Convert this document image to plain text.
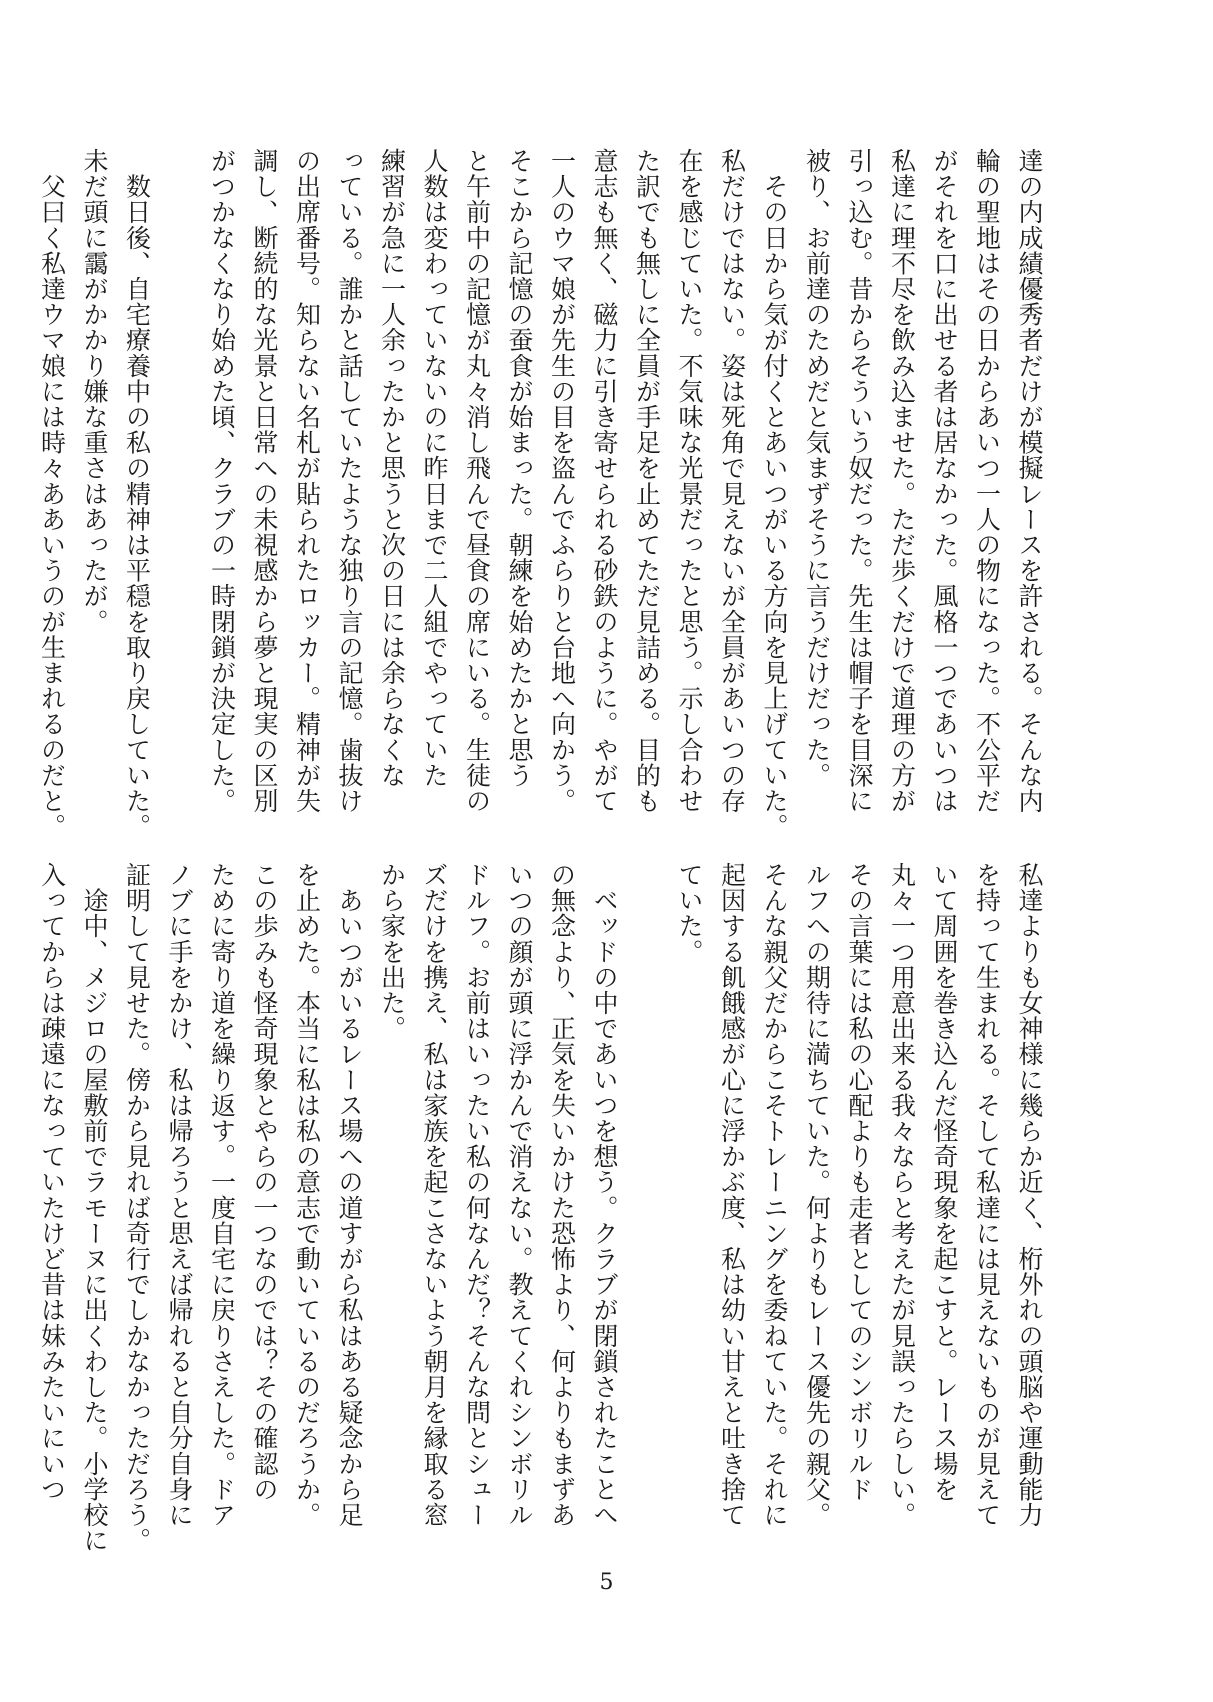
達の内成績優秀者だけが模擬レースを許される。そんな内
輪の聖地はその日からあいつ一人の物になった。不公平だ
がそれを口に出せる者は居なかった。風格一つであいつは
私達に理不尽を飲み込ませた。ただ歩くだけで道理の方が
引っ込む。昔からそういう奴だった。先生は帽子を目深に
被り、お前達のためだと気まずそうに言うだけだった。
　その日から気が付くとあいつがいる方向を見上げていた。
私だけではない。姿は死角で見えないが全員があいつの存
在を感じていた。不気味な光景だったと思う。示し合わせ
た訳でも無しに全員が手足を止めてただ見詰める。目的も
意志も無く、磁力に引き寄せられる砂鉄のように。やがて
一人のウマ娘が先生の目を盗んでふらりと台地へ向かう。
そこから記憶の蚕食が始まった。朝練を始めたかと思う
と午前中の記憶が丸々消し飛んで昼食の席にいる。生徒の
人数は変わっていないのに昨日まで二人組でやっていた
練習が急に一人余ったかと思うと次の日には余らなくな
っている。誰かと話していたような独り言の記憶。歯抜け
の出席番号。知らない名札が貼られたロッカー。精神が失
調し、断続的な光景と日常への未視感から夢と現実の区別
がつかなくなり始めた頃、クラブの一時閉鎖が決定した。

　数日後、自宅療養中の私の精神は平穏を取り戻していた。
未だ頭に靄がかかり嫌な重さはあったが。
　父曰く私達ウマ娘には時々ああいうのが生まれるのだと。
私達よりも女神様に幾らか近く、桁外れの頭脳や運動能力
を持って生まれる。そして私達には見えないものが見えて
いて周囲を巻き込んだ怪奇現象を起こすと。レース場を
丸々一つ用意出来る我々ならと考えたが見誤ったらしい。
その言葉には私の心配よりも走者としてのシンボリルド
ルフへの期待に満ちていた。何よりもレース優先の親父。
そんな親父だからこそトレーニングを委ねていた。それに
起因する飢餓感が心に浮かぶ度、私は幼い甘えと吐き捨て
ていた。

　ベッドの中であいつを想う。クラブが閉鎖されたことへ
の無念より、正気を失いかけた恐怖より、何よりもまずあ
いつの顔が頭に浮かんで消えない。教えてくれシンボリル
ドルフ。お前はいったい私の何なんだ？そんな問とシュー
ズだけを携え、私は家族を起こさないよう朝月を縁取る窓
から家を出た。
　あいつがいるレース場への道すがら私はある疑念から足
を止めた。本当に私は私の意志で動いているのだろうか。
この歩みも怪奇現象とやらの一つなのでは？その確認の
ために寄り道を繰り返す。一度自宅に戻りさえした。ドア
ノブに手をかけ、私は帰ろうと思えば帰れると自分自身に
証明して見せた。傍から見れば奇行でしかなかっただろう。
　途中、メジロの屋敷前でラモーヌに出くわした。小学校に
入ってからは疎遠になっていたけど昔は妹みたいにいつ
5
